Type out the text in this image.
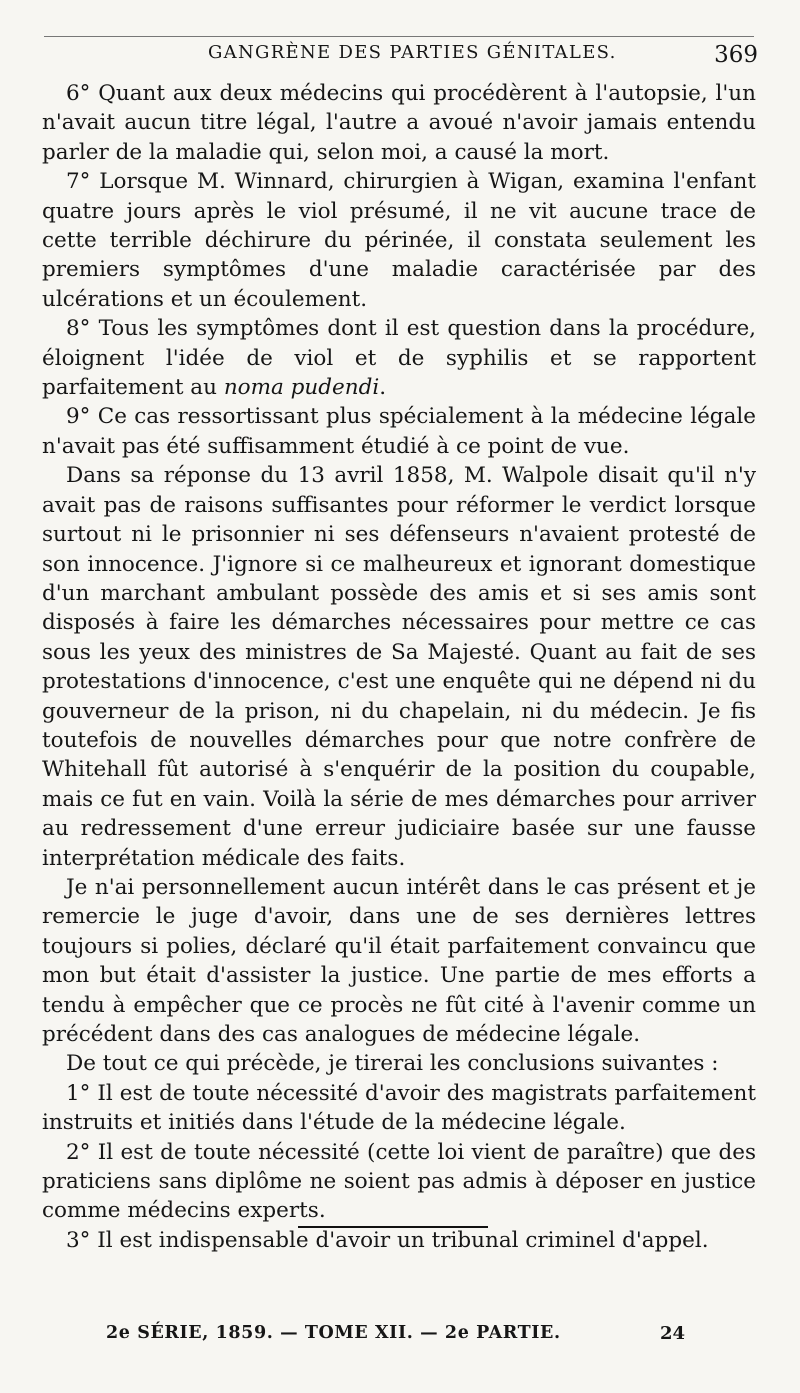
GANGRÈNE DES PARTIES GÉNITALES.	369

6° Quant aux deux médecins qui procédèrent à l'autopsie, l'un n'avait aucun titre légal, l'autre a avoué n'avoir jamais entendu parler de la maladie qui, selon moi, a causé la mort.

7° Lorsque M. Winnard, chirurgien à Wigan, examina l'enfant quatre jours après le viol présumé, il ne vit aucune trace de cette terrible déchirure du périnée, il constata seulement les premiers symptômes d'une maladie caractérisée par des ulcérations et un écoulement.

8° Tous les symptômes dont il est question dans la procédure, éloignent l'idée de viol et de syphilis et se rapportent parfaitement au noma pudendi.

9° Ce cas ressortissant plus spécialement à la médecine légale n'avait pas été suffisamment étudié à ce point de vue.

Dans sa réponse du 13 avril 1858, M. Walpole disait qu'il n'y avait pas de raisons suffisantes pour réformer le verdict lorsque surtout ni le prisonnier ni ses défenseurs n'avaient protesté de son innocence. J'ignore si ce malheureux et ignorant domestique d'un marchant ambulant possède des amis et si ses amis sont disposés à faire les démarches nécessaires pour mettre ce cas sous les yeux des ministres de Sa Majesté. Quant au fait de ses protestations d'innocence, c'est une enquête qui ne dépend ni du gouverneur de la prison, ni du chapelain, ni du médecin. Je fis toutefois de nouvelles démarches pour que notre confrère de Whitehall fût autorisé à s'enquérir de la position du coupable, mais ce fut en vain. Voilà la série de mes démarches pour arriver au redressement d'une erreur judiciaire basée sur une fausse interprétation médicale des faits.

Je n'ai personnellement aucun intérêt dans le cas présent et je remercie le juge d'avoir, dans une de ses dernières lettres toujours si polies, déclaré qu'il était parfaitement convaincu que mon but était d'assister la justice. Une partie de mes efforts a tendu à empêcher que ce procès ne fût cité à l'avenir comme un précédent dans des cas analogues de médecine légale.

De tout ce qui précède, je tirerai les conclusions suivantes :

1° Il est de toute nécessité d'avoir des magistrats parfaitement instruits et initiés dans l'étude de la médecine légale.

2° Il est de toute nécessité (cette loi vient de paraître) que des praticiens sans diplôme ne soient pas admis à déposer en justice comme médecins experts.

3° Il est indispensable d'avoir un tribunal criminel d'appel.

2e SÉRIE, 1859. — TOME XII. — 2e PARTIE.	24
